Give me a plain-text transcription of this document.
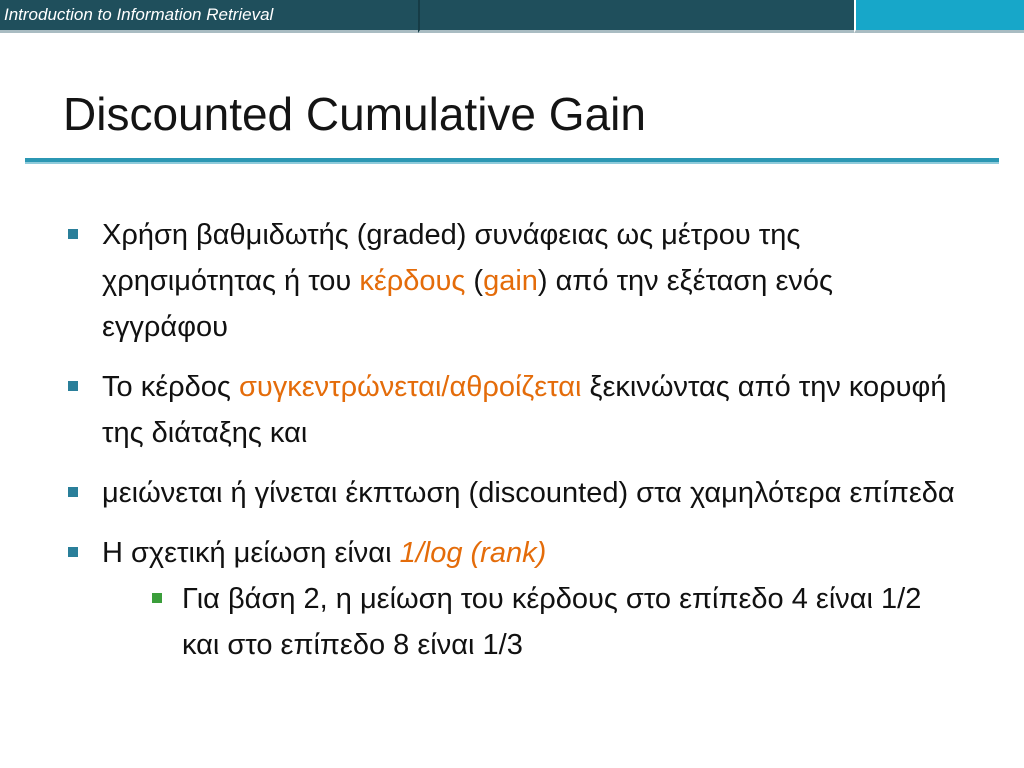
Introduction to Information Retrieval
Discounted Cumulative Gain
Χρήση βαθμιδωτής (graded) συνάφειας ως μέτρου της χρησιμότητας ή του κέρδους (gain) από την εξέταση ενός εγγράφου
Το κέρδος συγκεντρώνεται/αθροίζεται ξεκινώντας από την κορυφή της διάταξης και
μειώνεται ή γίνεται έκπτωση (discounted) στα χαμηλότερα επίπεδα
Η σχετική μείωση είναι 1/log (rank)
Για βάση 2, η μείωση του κέρδους στο επίπεδο 4 είναι 1/2 και στο επίπεδο 8 είναι 1/3
